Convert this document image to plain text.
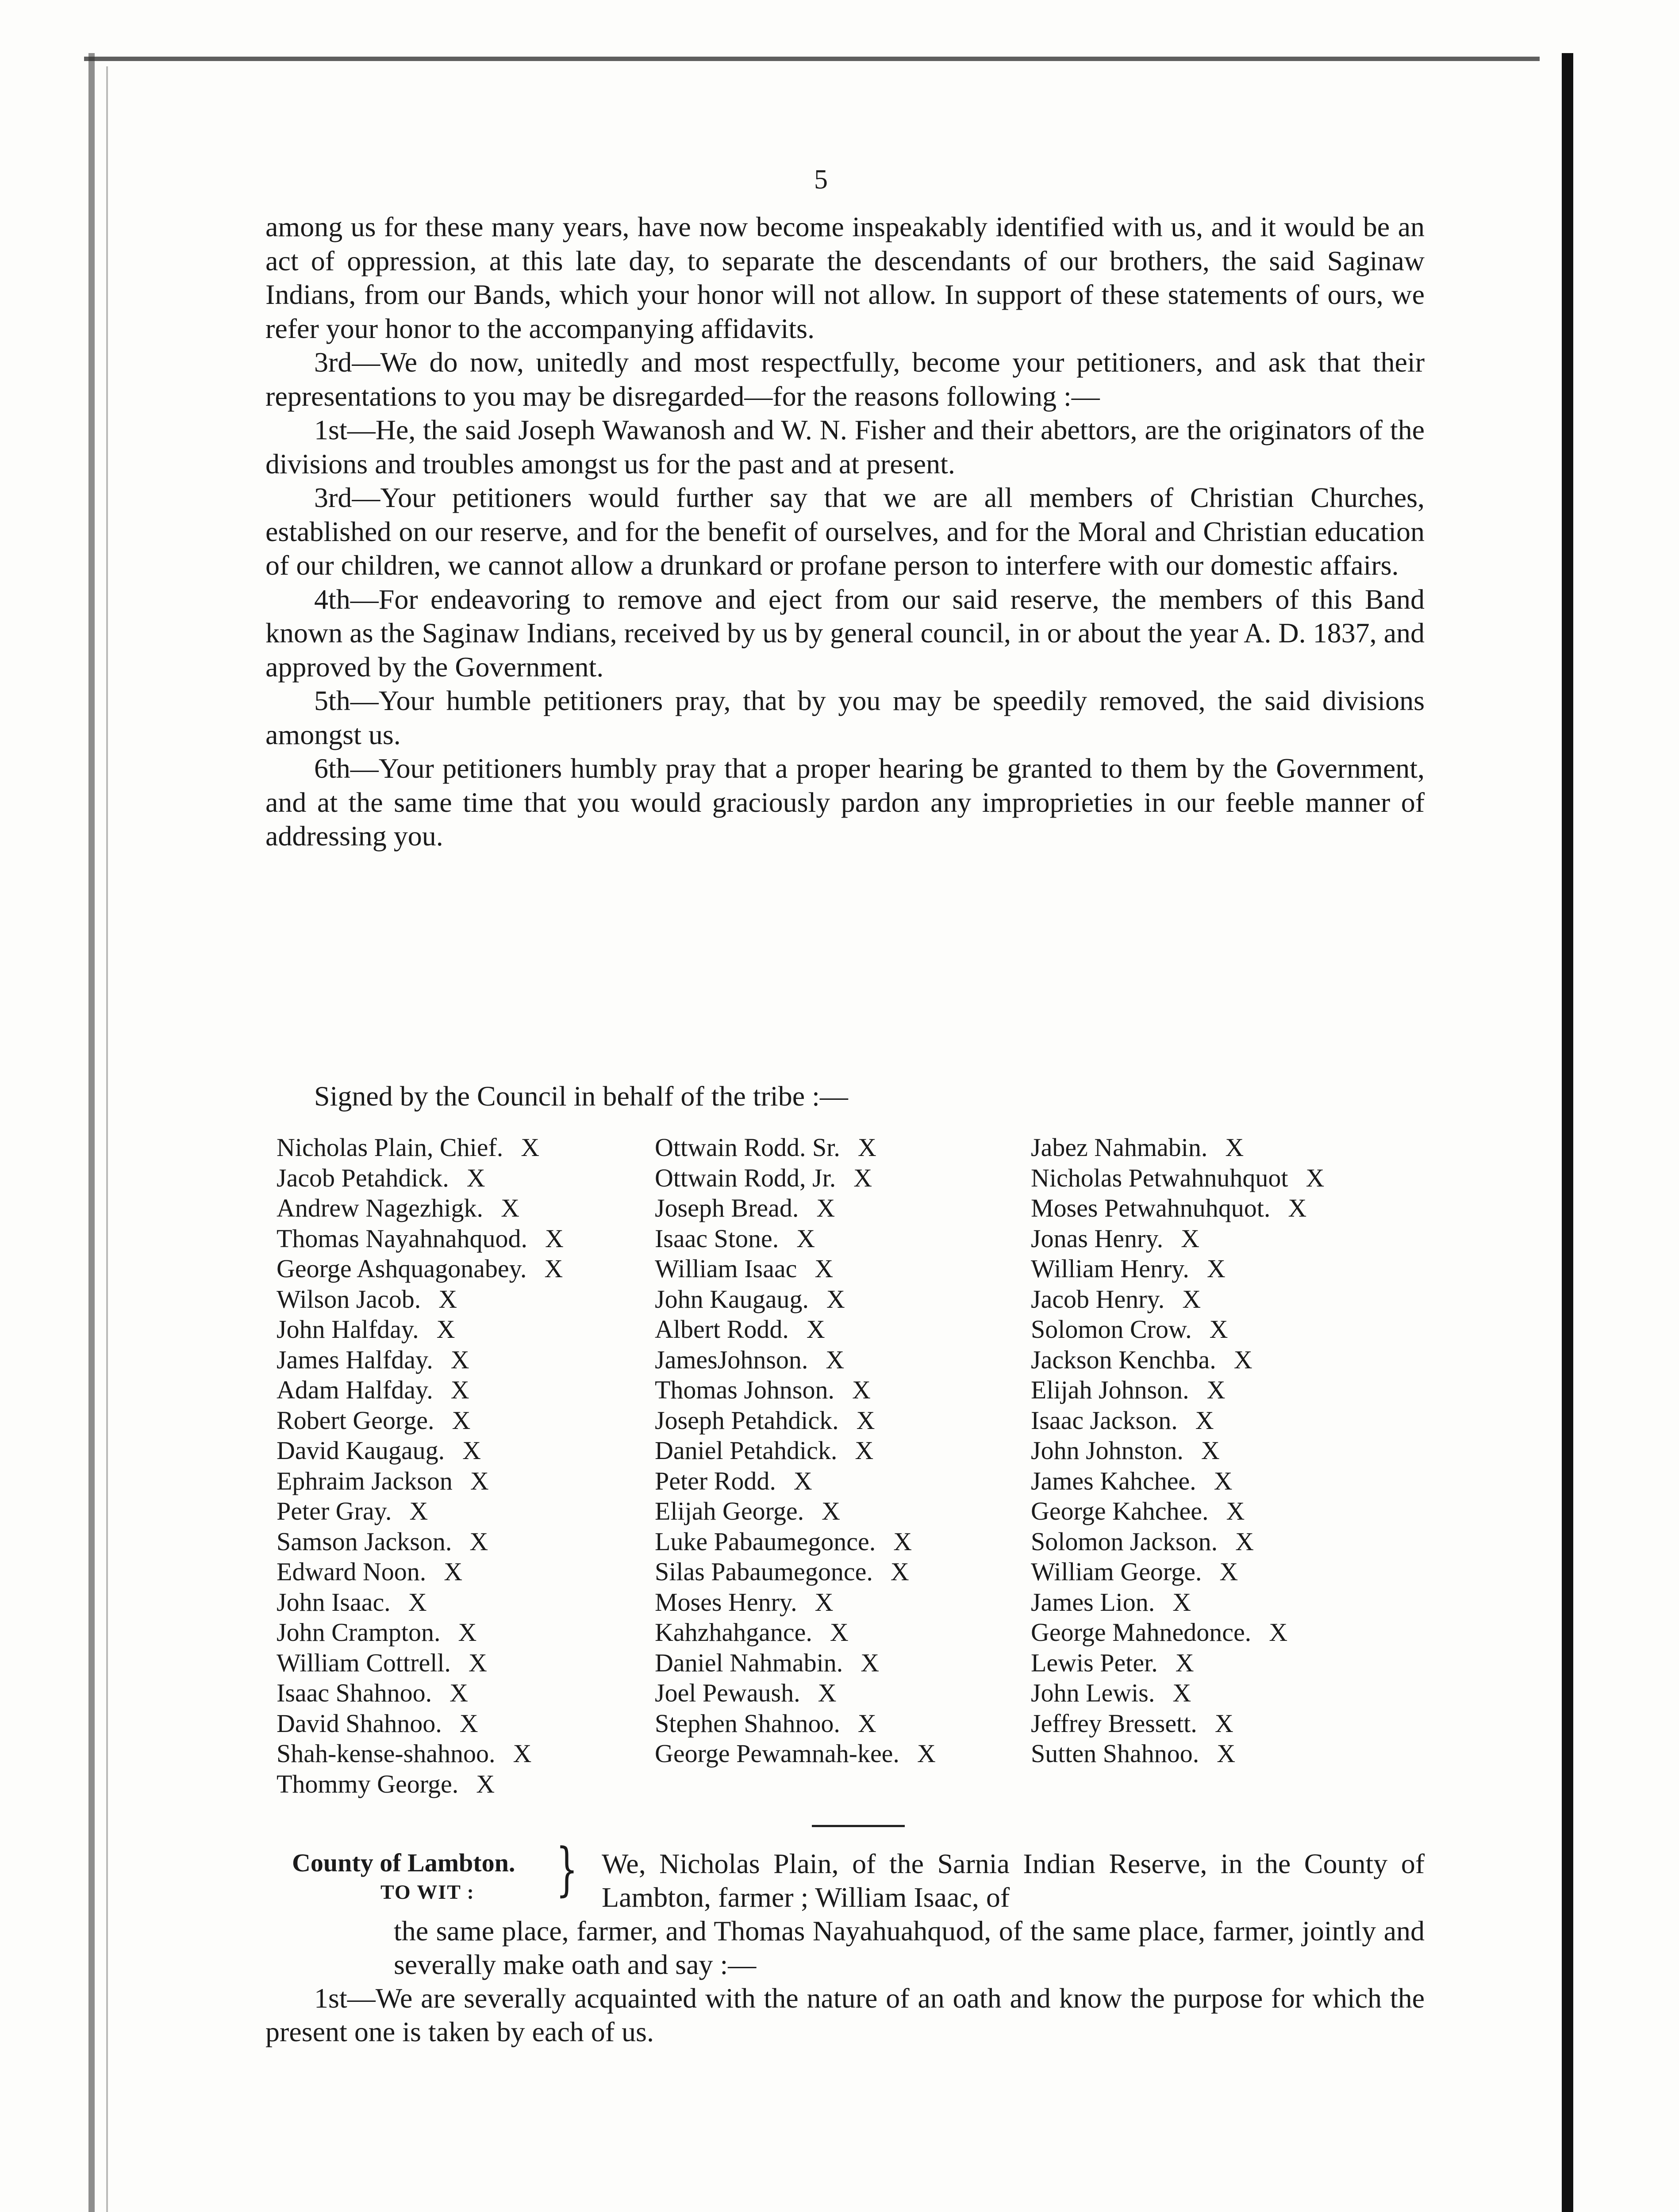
5

among us for these many years, have now become inspeakably identified with us, and it would be an act of oppression, at this late day, to separate the descendants of our brothers, the said Saginaw Indians, from our Bands, which your honor will not allow. In support of these statements of ours, we refer your honor to the accompanying affidavits.

3rd—We do now, unitedly and most respectfully, become your petitioners, and ask that their representations to you may be disregarded—for the reasons following :—

1st—He, the said Joseph Wawanosh and W. N. Fisher and their abettors, are the originators of the divisions and troubles amongst us for the past and at present.

3rd—Your petitioners would further say that we are all members of Christian Churches, established on our reserve, and for the benefit of ourselves, and for the Moral and Christian education of our children, we cannot allow a drunkard or profane person to interfere with our domestic affairs.

4th—For endeavoring to remove and eject from our said reserve, the members of this Band known as the Saginaw Indians, received by us by general council, in or about the year A. D. 1837, and approved by the Government.

5th—Your humble petitioners pray, that by you may be speedily removed, the said divisions amongst us.

6th—Your petitioners humbly pray that a proper hearing be granted to them by the Government, and at the same time that you would graciously pardon any improprieties in our feeble manner of addressing you.

Signed by the Council in behalf of the tribe :—
Nicholas Plain, Chief. X
Jacob Petahdick. X
Andrew Nagezhigk. X
Thomas Nayahnahquod. X
George Ashquagonabey. X
Wilson Jacob. X
John Halfday. X
James Halfday. X
Adam Halfday. X
Robert George. X
David Kaugaug. X
Ephraim Jackson X
Peter Gray. X
Samson Jackson. X
Edward Noon. X
John Isaac. X
John Crampton. X
William Cottrell. X
Isaac Shahnoo. X
David Shahnoo. X
Shah-kense-shahnoo. X
Thommy George. X
Ottwain Rodd. Sr. X
Ottwain Rodd, Jr. X
Joseph Bread. X
Isaac Stone. X
William Isaac X
John Kaugaug. X
Albert Rodd. X
JamesJohnson. X
Thomas Johnson. X
Joseph Petahdick. X
Daniel Petahdick. X
Peter Rodd. X
Elijah George. X
Luke Pabaumegonce. X
Silas Pabaumegonce. X
Moses Henry. X
Kahzhahgance. X
Daniel Nahmabin. X
Joel Pewaush. X
Stephen Shahnoo. X
George Pewamnah-kee. X
Jabez Nahmabin. X
Nicholas Petwahnuhquot X
Moses Petwahnuhquot. X
Jonas Henry. X
William Henry. X
Jacob Henry. X
Solomon Crow. X
Jackson Kenchba. X
Elijah Johnson. X
Isaac Jackson. X
John Johnston. X
James Kahchee. X
George Kahchee. X
Solomon Jackson. X
William George. X
James Lion. X
George Mahnedonce. X
Lewis Peter. X
John Lewis. X
Jeffrey Bressett. X
Sutten Shahnoo. X
County of Lambton.
TO WIT : } We, Nicholas Plain, of the Sarnia Indian Reserve, in the County of Lambton, farmer ; William Isaac, of
the same place, farmer, and Thomas Nayahuahquod, of the same place, farmer, jointly and severally make oath and say :—

1st—We are severally acquainted with the nature of an oath and know the purpose for which the present one is taken by each of us.
